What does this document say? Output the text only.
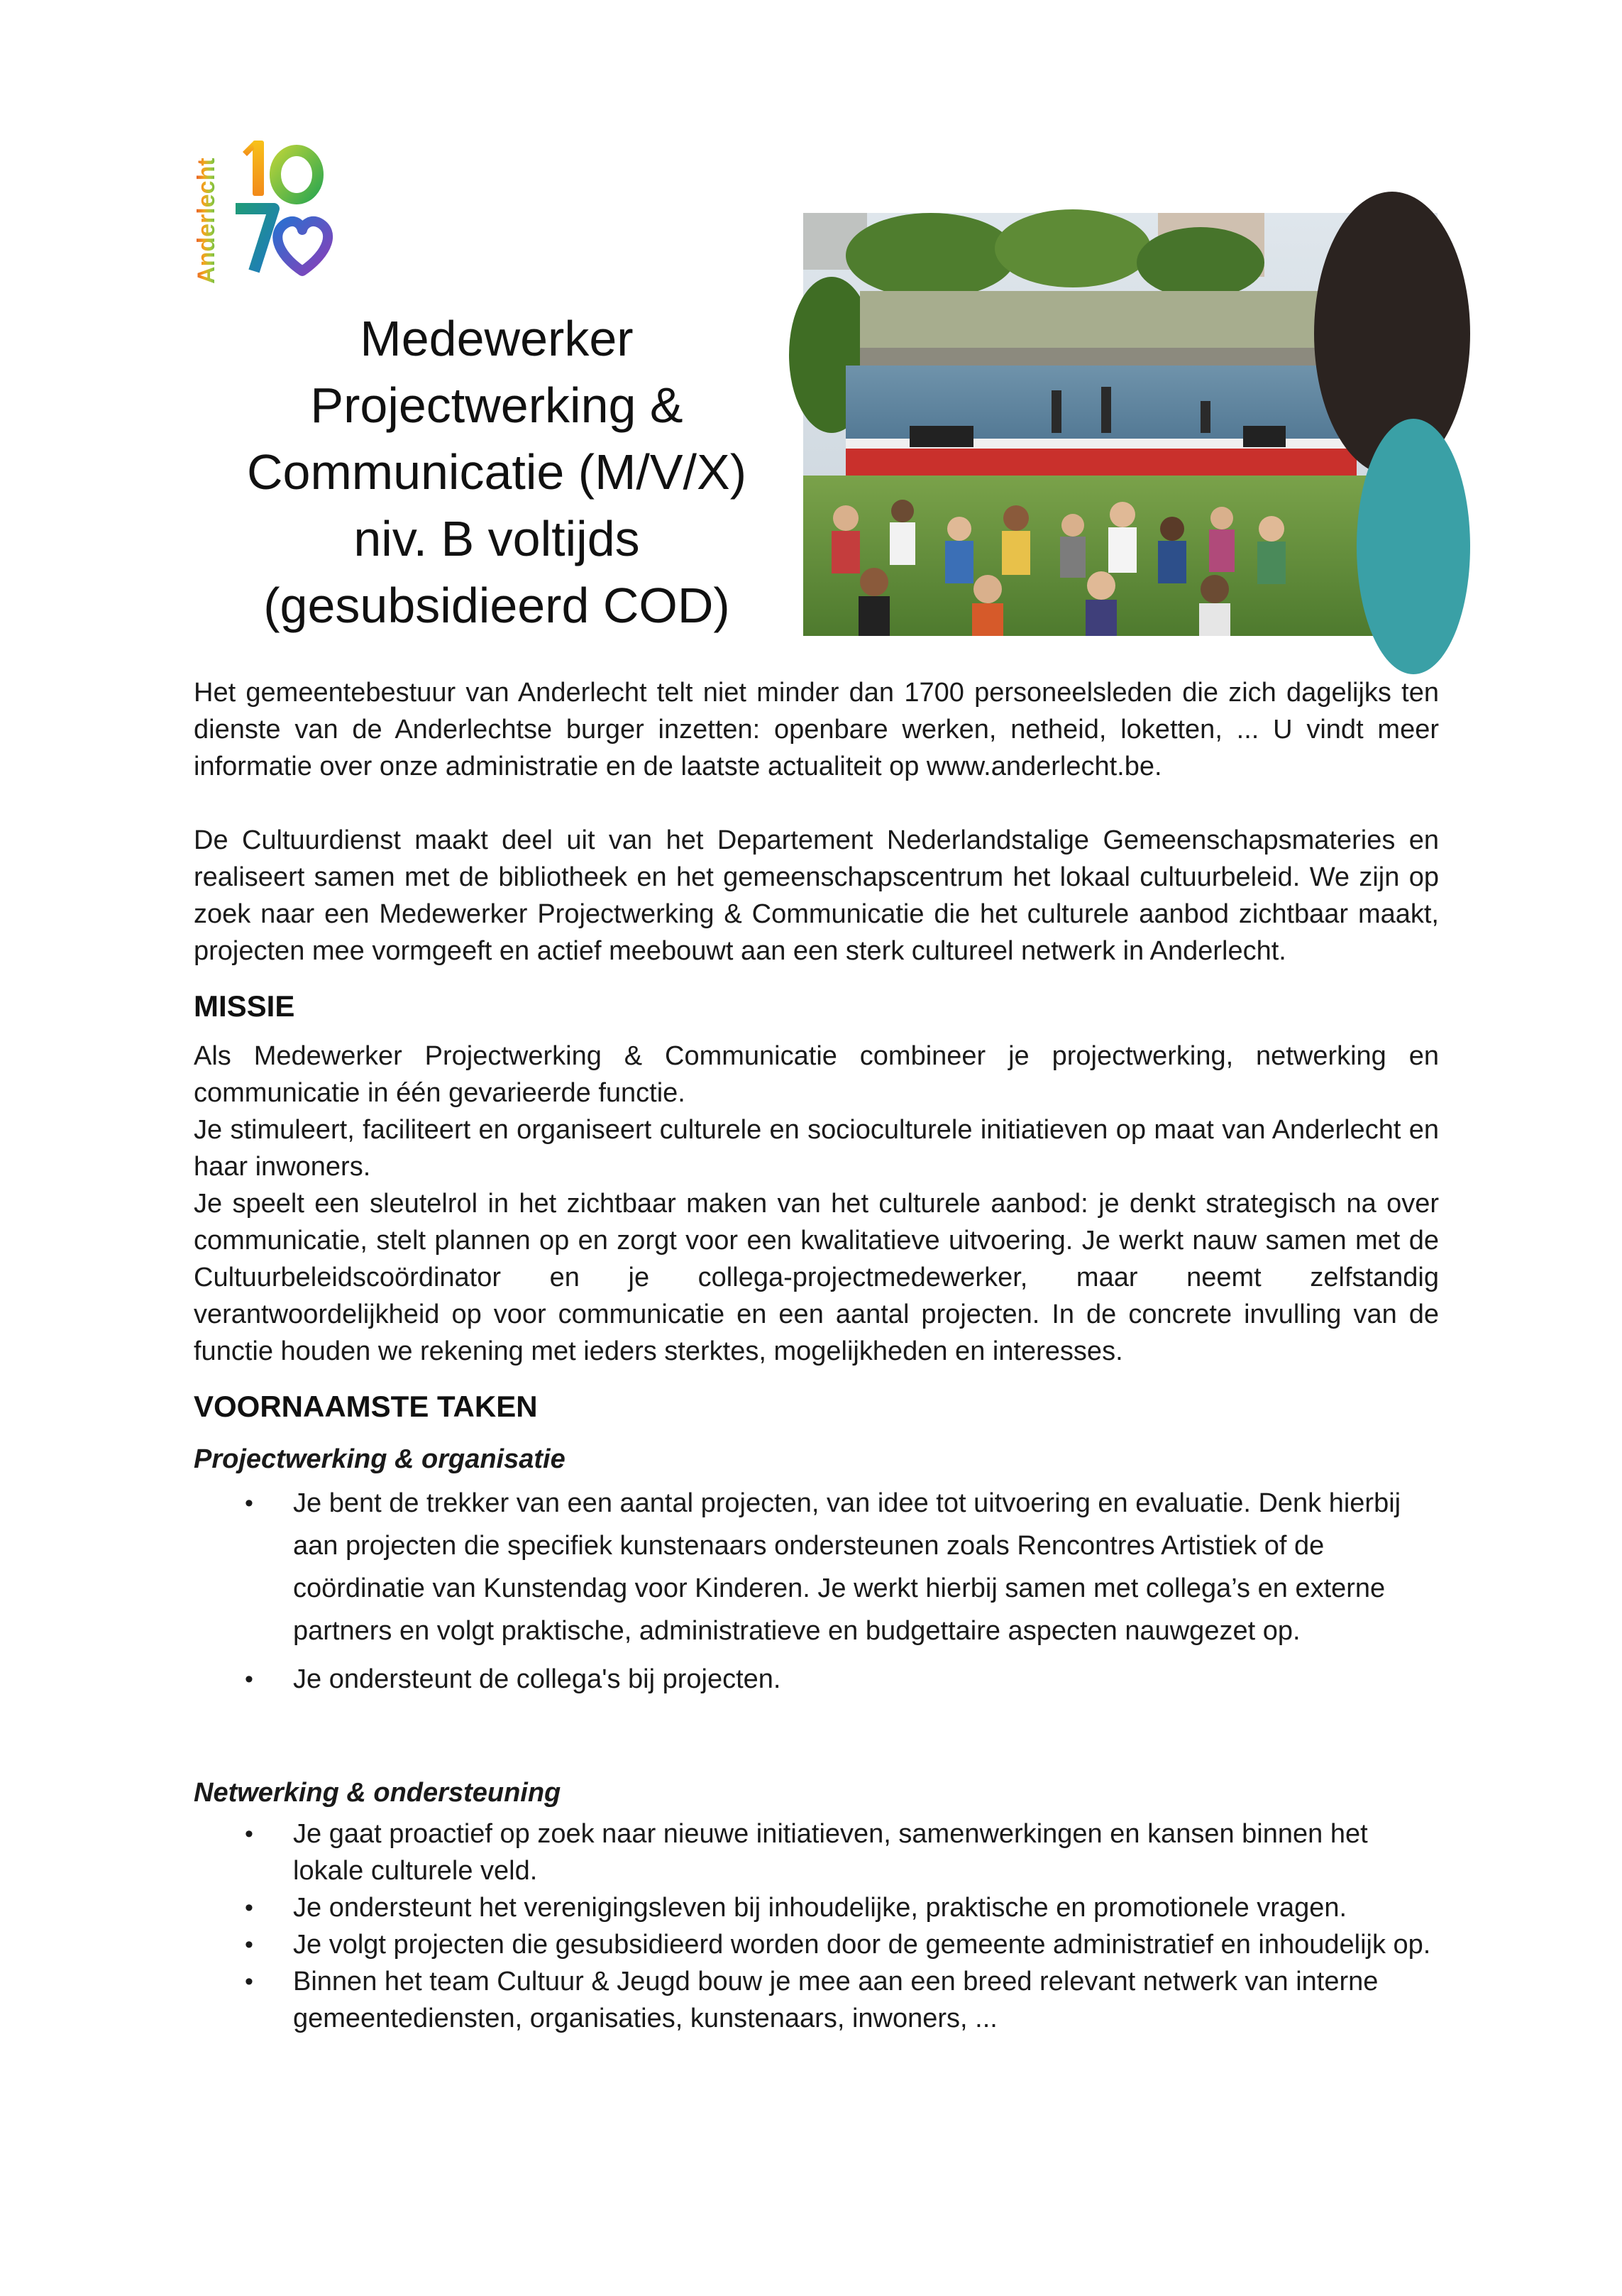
Anderlecht
Medewerker
Projectwerking &
Communicatie (M/V/X)
niv. B voltijds
(gesubsidieerd COD)

Het gemeentebestuur van Anderlecht telt niet minder dan 1700 personeelsleden die zich dagelijks ten dienste van de Anderlechtse burger inzetten: openbare werken, netheid, loketten, ... U vindt meer informatie over onze administratie en de laatste actualiteit op www.anderlecht.be.

De Cultuurdienst maakt deel uit van het Departement Nederlandstalige Gemeenschapsmateries en realiseert samen met de bibliotheek en het gemeenschapscentrum het lokaal cultuurbeleid. We zijn op zoek naar een Medewerker Projectwerking & Communicatie die het culturele aanbod zichtbaar maakt, projecten mee vormgeeft en actief meebouwt aan een sterk cultureel netwerk in Anderlecht.

MISSIE

Als Medewerker Projectwerking & Communicatie combineer je projectwerking, netwerking en communicatie in één gevarieerde functie.

Je stimuleert, faciliteert en organiseert culturele en socioculturele initiatieven op maat van Anderlecht en haar inwoners.

Je speelt een sleutelrol in het zichtbaar maken van het culturele aanbod: je denkt strategisch na over communicatie, stelt plannen op en zorgt voor een kwalitatieve uitvoering. Je werkt nauw samen met de Cultuurbeleidscoördinator en je collega-projectmedewerker, maar neemt zelfstandig verantwoordelijkheid op voor communicatie en een aantal projecten. In de concrete invulling van de functie houden we rekening met ieders sterktes, mogelijkheden en interesses.

VOORNAAMSTE TAKEN
Projectwerking & organisatie
• Je bent de trekker van een aantal projecten, van idee tot uitvoering en evaluatie. Denk hierbij aan projecten die specifiek kunstenaars ondersteunen zoals Rencontres Artistiek of de coördinatie van Kunstendag voor Kinderen. Je werkt hierbij samen met collega’s en externe partners en volgt praktische, administratieve en budgettaire aspecten nauwgezet op.
• Je ondersteunt de collega's bij projecten.
Netwerking & ondersteuning
• Je gaat proactief op zoek naar nieuwe initiatieven, samenwerkingen en kansen binnen het lokale culturele veld.
• Je ondersteunt het verenigingsleven bij inhoudelijke, praktische en promotionele vragen.
• Je volgt projecten die gesubsidieerd worden door de gemeente administratief en inhoudelijk op.
• Binnen het team Cultuur & Jeugd bouw je mee aan een breed relevant netwerk van interne gemeentediensten, organisaties, kunstenaars, inwoners, ...
